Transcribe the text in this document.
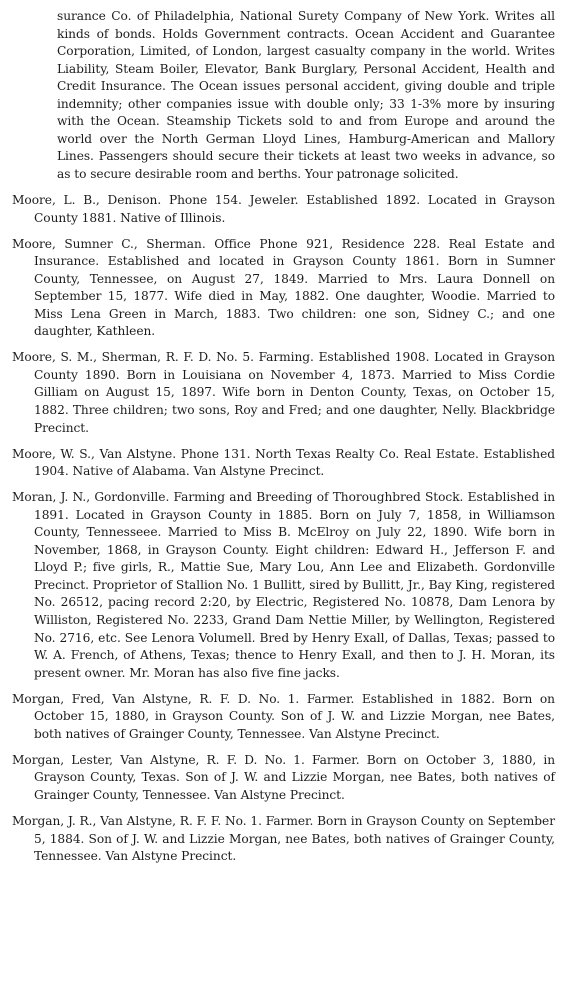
surance Co. of Philadelphia, National Surety Company of New York. Writes all kinds of bonds. Holds Government contracts. Ocean Accident and Guarantee Corporation, Limited, of London, largest casualty company in the world. Writes Liability, Steam Boiler, Elevator, Bank Burglary, Personal Accident, Health and Credit Insurance. The Ocean issues personal accident, giving double and triple indemnity; other companies issue with double only; 33 1-3% more by insuring with the Ocean. Steamship Tickets sold to and from Europe and around the world over the North German Lloyd Lines, Hamburg-American and Mallory Lines. Passengers should secure their tickets at least two weeks in advance, so as to secure desirable room and berths. Your patronage solicited.

Moore, L. B., Denison. Phone 154. Jeweler. Established 1892. Located in Grayson County 1881. Native of Illinois.

Moore, Sumner C., Sherman. Office Phone 921, Residence 228. Real Estate and Insurance. Established and located in Grayson County 1861. Born in Sumner County, Tennessee, on August 27, 1849. Married to Mrs. Laura Donnell on September 15, 1877. Wife died in May, 1882. One daughter, Woodie. Married to Miss Lena Green in March, 1883. Two children: one son, Sidney C.; and one daughter, Kathleen.

Moore, S. M., Sherman, R. F. D. No. 5. Farming. Established 1908. Located in Grayson County 1890. Born in Louisiana on November 4, 1873. Married to Miss Cordie Gilliam on August 15, 1897. Wife born in Denton County, Texas, on October 15, 1882. Three children; two sons, Roy and Fred; and one daughter, Nelly. Blackbridge Precinct.

Moore, W. S., Van Alstyne. Phone 131. North Texas Realty Co. Real Estate. Established 1904. Native of Alabama. Van Alstyne Precinct.

Moran, J. N., Gordonville. Farming and Breeding of Thoroughbred Stock. Established in 1891. Located in Grayson County in 1885. Born on July 7, 1858, in Williamson County, Tennesseee. Married to Miss B. McElroy on July 22, 1890. Wife born in November, 1868, in Grayson County. Eight children: Edward H., Jefferson F. and Lloyd P.; five girls, R., Mattie Sue, Mary Lou, Ann Lee and Elizabeth. Gordonville Precinct. Proprietor of Stallion No. 1 Bullitt, sired by Bullitt, Jr., Bay King, registered No. 26512, pacing record 2:20, by Electric, Registered No. 10878, Dam Lenora by Williston, Registered No. 2233, Grand Dam Nettie Miller, by Wellington, Registered No. 2716, etc. See Lenora Volumell. Bred by Henry Exall, of Dallas, Texas; passed to W. A. French, of Athens, Texas; thence to Henry Exall, and then to J. H. Moran, its present owner. Mr. Moran has also five fine jacks.

Morgan, Fred, Van Alstyne, R. F. D. No. 1. Farmer. Established in 1882. Born on October 15, 1880, in Grayson County. Son of J. W. and Lizzie Morgan, nee Bates, both natives of Grainger County, Tennessee. Van Alstyne Precinct.

Morgan, Lester, Van Alstyne, R. F. D. No. 1. Farmer. Born on October 3, 1880, in Grayson County, Texas. Son of J. W. and Lizzie Morgan, nee Bates, both natives of Grainger County, Tennessee. Van Alstyne Precinct.

Morgan, J. R., Van Alstyne, R. F. F. No. 1. Farmer. Born in Grayson County on September 5, 1884. Son of J. W. and Lizzie Morgan, nee Bates, both natives of Grainger County, Tennessee. Van Alstyne Precinct.
